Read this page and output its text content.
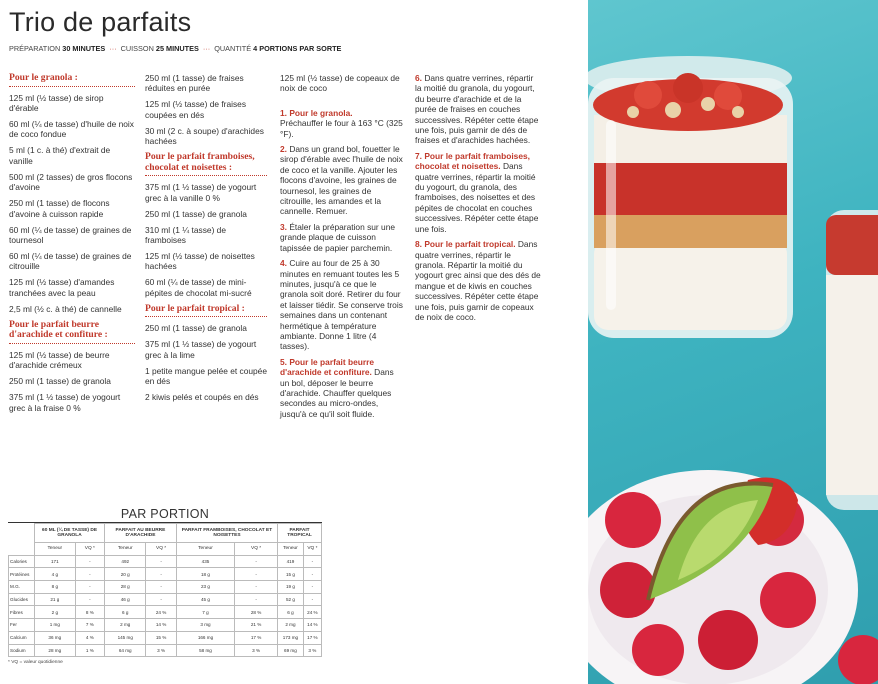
Trio de parfaits
PRÉPARATION 30 MINUTES ··· CUISSON 25 MINUTES ··· QUANTITÉ 4 PORTIONS PAR SORTE
Pour le granola :
125 ml (½ tasse) de sirop d'érable
60 ml (¼ de tasse) d'huile de noix de coco fondue
5 ml (1 c. à thé) d'extrait de vanille
500 ml (2 tasses) de gros flocons d'avoine
250 ml (1 tasse) de flocons d'avoine à cuisson rapide
60 ml (¼ de tasse) de graines de tournesol
60 ml (¼ de tasse) de graines de citrouille
125 ml (½ tasse) d'amandes tranchées avec la peau
2,5 ml (½ c. à thé) de cannelle
Pour le parfait beurre d'arachide et confiture :
125 ml (½ tasse) de beurre d'arachide crémeux
250 ml (1 tasse) de granola
375 ml (1 ½ tasse) de yogourt grec à la fraise 0 %
250 ml (1 tasse) de fraises réduites en purée
125 ml (½ tasse) de fraises coupées en dés
30 ml (2 c. à soupe) d'arachides hachées
Pour le parfait framboises, chocolat et noisettes :
375 ml (1 ½ tasse) de yogourt grec à la vanille 0 %
250 ml (1 tasse) de granola
310 ml (1 ¼ tasse) de framboises
125 ml (½ tasse) de noisettes hachées
60 ml (¼ de tasse) de mini-pépites de chocolat mi-sucré
Pour le parfait tropical :
250 ml (1 tasse) de granola
375 ml (1 ½ tasse) de yogourt grec à la lime
1 petite mangue pelée et coupée en dés
2 kiwis pelés et coupés en dés
125 ml (½ tasse) de copeaux de noix de coco
1. Pour le granola.
Préchauffer le four à 163 °C (325 °F).
2. Dans un grand bol, fouetter le sirop d'érable avec l'huile de noix de coco et la vanille. Ajouter les flocons d'avoine, les graines de tournesol, les graines de citrouille, les amandes et la cannelle. Remuer.
3. Étaler la préparation sur une grande plaque de cuisson tapissée de papier parchemin.
4. Cuire au four de 25 à 30 minutes en remuant toutes les 5 minutes, jusqu'à ce que le granola soit doré. Retirer du four et laisser tiédir. Se conserve trois semaines dans un contenant hermétique à température ambiante. Donne 1 litre (4 tasses).
5. Pour le parfait beurre d'arachide et confiture. Dans un bol, déposer le beurre d'arachide. Chauffer quelques secondes au micro-ondes, jusqu'à ce qu'il soit fluide.
6. Dans quatre verrines, répartir la moitié du granola, du yogourt, du beurre d'arachide et de la purée de fraises en couches successives. Répéter cette étape une fois, puis garnir de dés de fraises et d'arachides hachées.
7. Pour le parfait framboises, chocolat et noisettes. Dans quatre verrines, répartir la moitié du yogourt, du granola, des framboises, des noisettes et des pépites de chocolat en couches successives. Répéter cette étape une fois.
8. Pour le parfait tropical. Dans quatre verrines, répartir le granola. Répartir la moitié du yogourt grec ainsi que des dés de mangue et de kiwis en couches successives. Répéter cette étape une fois, puis garnir de copeaux de noix de coco.
PAR PORTION
	60 ML (¼ DE TASSE) DE GRANOLA		PARFAIT AU BEURRE D'ARACHIDE		PARFAIT FRAMBOISES, CHOCOLAT ET NOISETTES		PARFAIT TROPICAL	
	Teneur	VQ *	Teneur	VQ *	Teneur	VQ *	Teneur	VQ *
Calories	171	-	492	-	435	-	419	-
Protéines	4 g	-	20 g	-	18 g	-	15 g	-
M.G.	8 g	-	28 g	-	23 g	-	19 g	-
Glucides	21 g	-	46 g	-	45 g	-	52 g	-
Fibres	2 g	8 %	6 g	24 %	7 g	28 %	6 g	24 %
Fer	1 mg	7 %	2 mg	14 %	3 mg	21 %	2 mg	14 %
Calcium	36 mg	4 %	145 mg	15 %	166 mg	17 %	173 mg	17 %
Sodium	28 mg	1 %	64 mg	3 %	58 mg	3 %	69 mg	3 %
* VQ = valeur quotidienne
